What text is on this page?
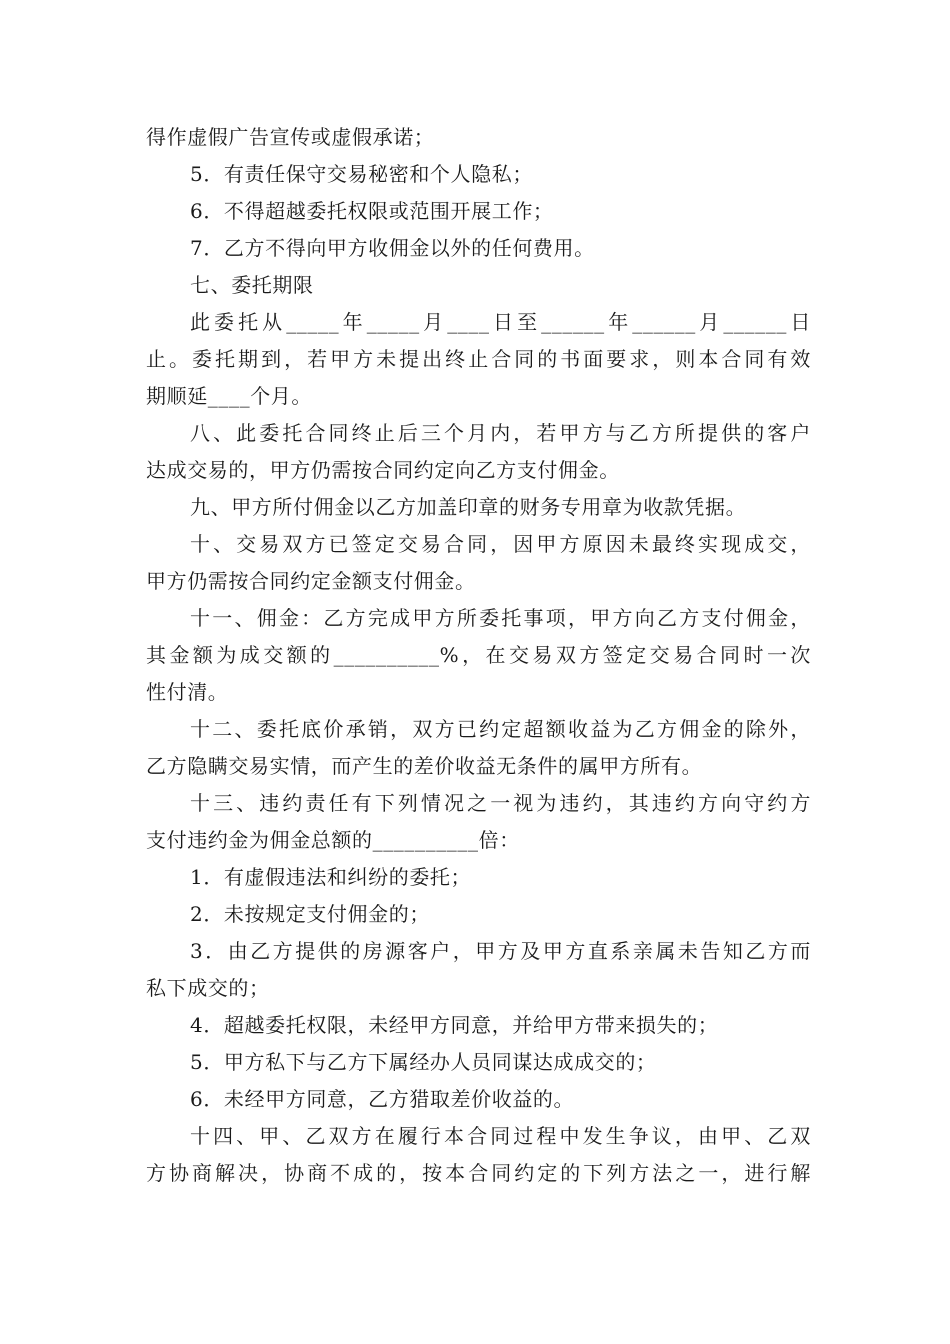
得作虚假广告宣传或虚假承诺；

5．有责任保守交易秘密和个人隐私；

6．不得超越委托权限或范围开展工作；

7．乙方不得向甲方收佣金以外的任何费用。

七、委托期限

此委托从_____年_____月____日至______年______月______日

止。委托期到，若甲方未提出终止合同的书面要求，则本合同有效

期顺延____个月。

八、此委托合同终止后三个月内，若甲方与乙方所提供的客户

达成交易的，甲方仍需按合同约定向乙方支付佣金。

九、甲方所付佣金以乙方加盖印章的财务专用章为收款凭据。

十、交易双方已签定交易合同，因甲方原因未最终实现成交，

甲方仍需按合同约定金额支付佣金。

十一、佣金：乙方完成甲方所委托事项，甲方向乙方支付佣金，

其金额为成交额的__________%，在交易双方签定交易合同时一次

性付清。

十二、委托底价承销，双方已约定超额收益为乙方佣金的除外，

乙方隐瞒交易实情，而产生的差价收益无条件的属甲方所有。

十三、违约责任有下列情况之一视为违约，其违约方向守约方

支付违约金为佣金总额的__________倍：

1．有虚假违法和纠纷的委托；

2．未按规定支付佣金的；

3．由乙方提供的房源客户，甲方及甲方直系亲属未告知乙方而

私下成交的；

4．超越委托权限，未经甲方同意，并给甲方带来损失的；

5．甲方私下与乙方下属经办人员同谋达成成交的；

6．未经甲方同意，乙方猎取差价收益的。

十四、甲、乙双方在履行本合同过程中发生争议，由甲、乙双

方协商解决，协商不成的，按本合同约定的下列方法之一，进行解
